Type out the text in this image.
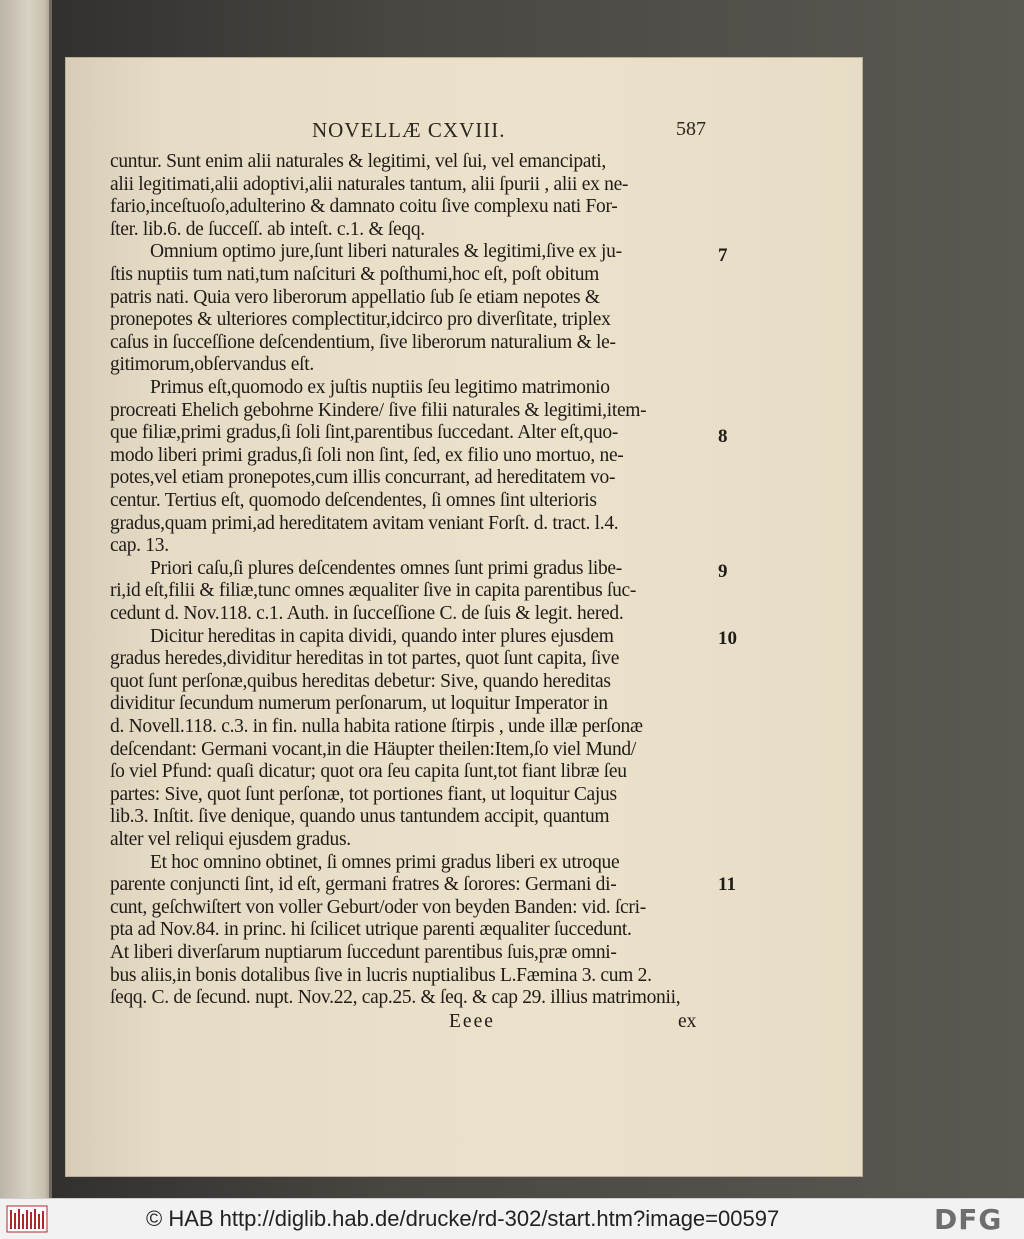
NOVELLÆ CXVIII.	587
cuntur. Sunt enim alii naturales & legitimi, vel ſui, vel emancipati,
alii legitimati,alii adoptivi,alii naturales tantum, alii ſpurii , alii ex ne-
fario,inceſtuoſo,adulterino & damnato coitu ſive complexu nati For-
ſter. lib.6. de ſucceſſ. ab inteſt. c.1. & ſeqq.
Omnium optimo jure,ſunt liberi naturales & legitimi,ſive ex ju-
ſtis nuptiis tum nati,tum naſcituri & poſthumi,hoc eſt, poſt obitum
patris nati. Quia vero liberorum appellatio ſub ſe etiam nepotes &
pronepotes & ulteriores complectitur,idcirco pro diverſitate, triplex
caſus in ſucceſſione deſcendentium, ſive liberorum naturalium & le-
gitimorum,obſervandus eſt.
Primus eſt,quomodo ex juſtis nuptiis ſeu legitimo matrimonio
procreati Ehelich gebohrne Kindere/ ſive filii naturales & legitimi,item-
que filiæ,primi gradus,ſi ſoli ſint,parentibus ſuccedant. Alter eſt,quo-
modo liberi primi gradus,ſi ſoli non ſint, ſed, ex filio uno mortuo, ne-
potes,vel etiam pronepotes,cum illis concurrant, ad hereditatem vo-
centur. Tertius eſt, quomodo deſcendentes, ſi omnes ſint ulterioris
gradus,quam primi,ad hereditatem avitam veniant Forſt. d. tract. l.4.
cap. 13.
Priori caſu,ſi plures deſcendentes omnes ſunt primi gradus libe-
ri,id eſt,filii & filiæ,tunc omnes æqualiter ſive in capita parentibus ſuc-
cedunt d. Nov.118. c.1. Auth. in ſucceſſione C. de ſuis & legit. hered.
Dicitur hereditas in capita dividi, quando inter plures ejusdem
gradus heredes,dividitur hereditas in tot partes, quot ſunt capita, ſive
quot ſunt perſonæ,quibus hereditas debetur: Sive, quando hereditas
dividitur ſecundum numerum perſonarum, ut loquitur Imperator in
d. Novell.118. c.3. in fin. nulla habita ratione ſtirpis , unde illæ perſonæ
deſcendant: Germani vocant,in die Häupter theilen:Item,ſo viel Mund/
ſo viel Pfund: quaſi dicatur; quot ora ſeu capita ſunt,tot fiant libræ ſeu
partes: Sive, quot ſunt perſonæ, tot portiones fiant, ut loquitur Cajus
lib.3. Inſtit. ſive denique, quando unus tantundem accipit, quantum
alter vel reliqui ejusdem gradus.
Et hoc omnino obtinet, ſi omnes primi gradus liberi ex utroque
parente conjuncti ſint, id eſt, germani fratres & ſorores: Germani di-
cunt, geſchwiſtert von voller Geburt/oder von beyden Banden: vid. ſcri-
pta ad Nov.84. in princ. hi ſcilicet utrique parenti æqualiter ſuccedunt.
At liberi diverſarum nuptiarum ſuccedunt parentibus ſuis,præ omni-
bus aliis,in bonis dotalibus ſive in lucris nuptialibus L.Fæmina 3. cum 2.
ſeqq. C. de ſecund. nupt. Nov.22, cap.25. & ſeq. & cap 29. illius matrimonii,
7
8
9
10
11
Eeee	ex
© HAB http://diglib.hab.de/drucke/rd-302/start.htm?image=00597	DFG
